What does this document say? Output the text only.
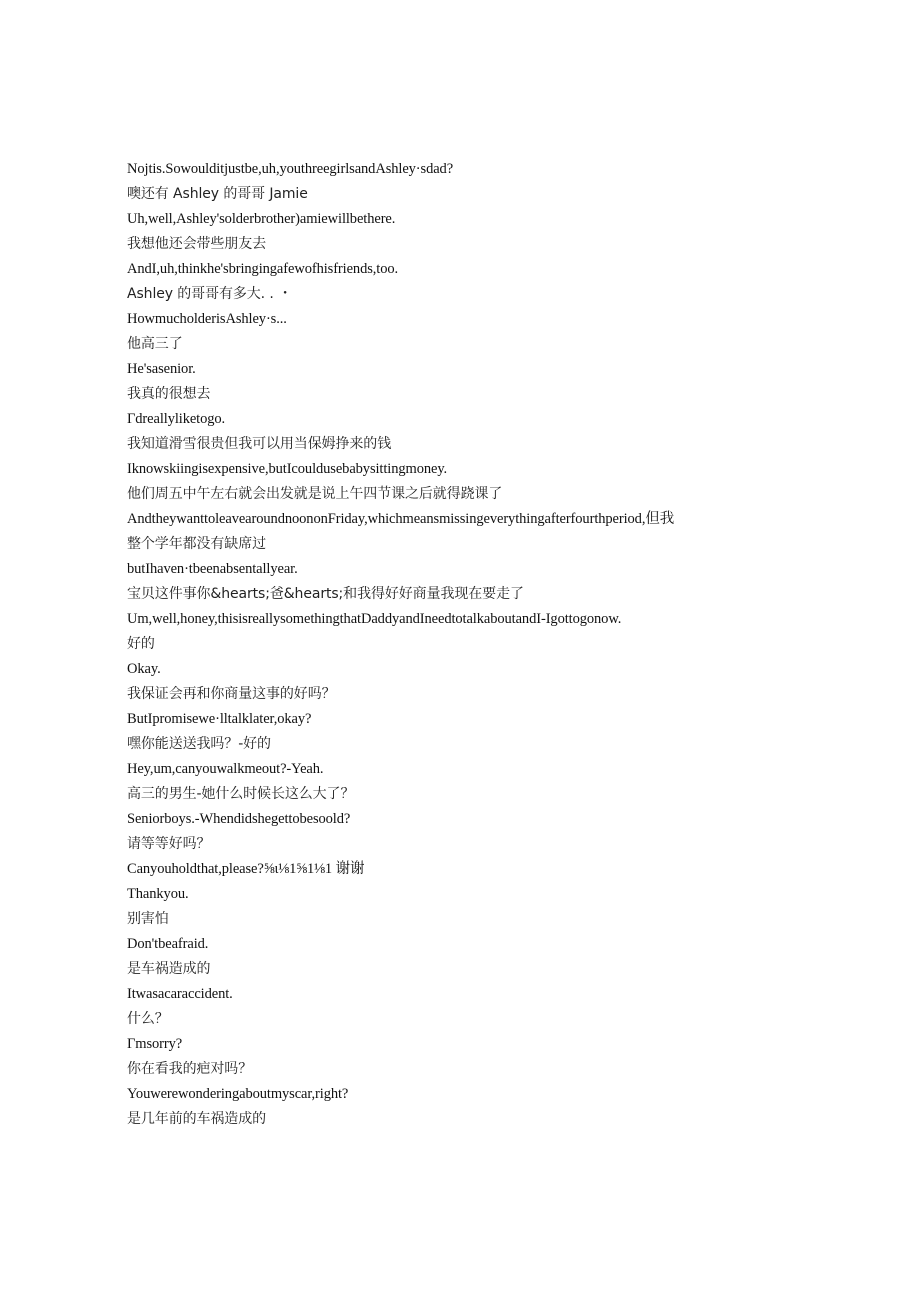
Nojtis.Sowoulditjustbe,uh,youthreegirlsandAshley·sdad?
噢还有 Ashley 的哥哥 Jamie
Uh,well,Ashley'solderbrother)amiewillbethere.
我想他还会带些朋友去
AndI,uh,thinkhe'sbringingafewofhisfriends,too.
Ashley 的哥哥有多大. . ・
HowmucholderisAshley·s...
他高三了
He'sasenior.
我真的很想去
Γdreallyliketogo.
我知道滑雪很贵但我可以用当保姆挣来的钱
Iknowskiingisexpensive,butIcouldusebabysittingmoney.
他们周五中午左右就会出发就是说上午四节课之后就得跷课了
AndtheywanttoleavearoundnoononFriday,whichmeansmissingeverythingafterfourthperiod,但我
整个学年都没有缺席过
butIhaven·tbeenabsentallyear.
宝贝这件事你&hearts;爸&hearts;和我得好好商量我现在要走了
Um,well,honey,thisisreallysomethingthatDaddyandIneedtotalkaboutandI-Igottogonow.
好的
Okay.
我保证会再和你商量这事的好吗？
ButIpromisewe·lltalklater,okay?
嘿你能送送我吗？-好的
Hey,um,canyouwalkmeout?-Yeah.
高三的男生-她什么时候长这么大了？
Seniorboys.-Whendidshegettobesoold?
请等等好吗？
Canyouholdthat,please?⅝ι⅛1⅝1⅛1 谢谢
Thankyou.
别害怕
Don'tbeafraid.
是车祸造成的
Itwasacaraccident.
什么？
Γmsorry?
你在看我的疤对吗？
Youwerewonderingaboutmyscar,right?
是几年前的车祸造成的
